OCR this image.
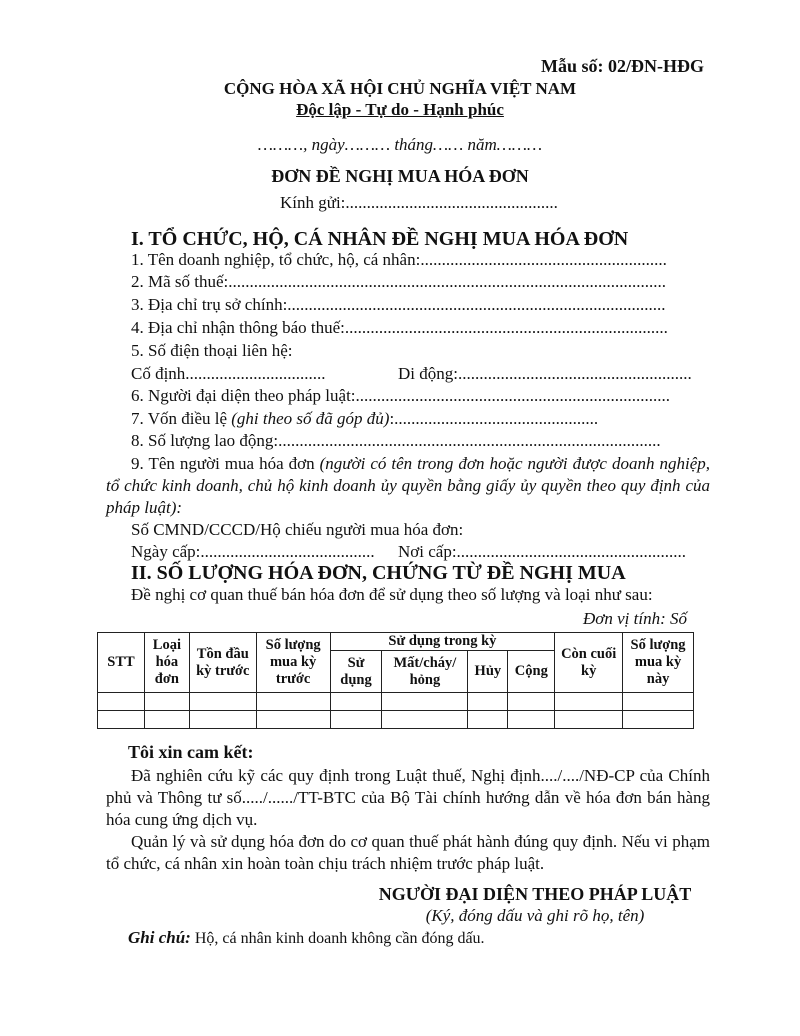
Mẫu số: 02/ĐN-HĐG
CỘNG HÒA XÃ HỘI CHỦ NGHĨA VIỆT NAM
Độc lập - Tự do - Hạnh phúc
………, ngày……… tháng…… năm………
ĐƠN ĐỀ NGHỊ MUA HÓA ĐƠN
Kính gửi:..................................................
I. TỔ CHỨC, HỘ, CÁ NHÂN ĐỀ NGHỊ MUA HÓA ĐƠN
1. Tên doanh nghiệp, tổ chức, hộ, cá nhân:..........................................................
2. Mã số thuế:.......................................................................................................
3. Địa chỉ trụ sở chính:.........................................................................................
4. Địa chỉ nhận thông báo thuế:............................................................................
5. Số điện thoại liên hệ:
Cố định.................................	Di động:.......................................................
6. Người đại diện theo pháp luật:..........................................................................
7. Vốn điều lệ (ghi theo số đã góp đủ):................................................
8. Số lượng lao động:..........................................................................................
9. Tên người mua hóa đơn (người có tên trong đơn hoặc người được doanh nghiệp, tổ chức kinh doanh, chủ hộ kinh doanh ủy quyền bằng giấy ủy quyền theo quy định của pháp luật):
Số CMND/CCCD/Hộ chiếu người mua hóa đơn:
Ngày cấp:......................................... Nơi cấp:......................................................
II. SỐ LƯỢNG HÓA ĐƠN, CHỨNG TỪ ĐỀ NGHỊ MUA
Đề nghị cơ quan thuế bán hóa đơn để sử dụng theo số lượng và loại như sau:
Đơn vị tính: Số
STT	Loại hóa đơn	Tồn đầu kỳ trước	Số lượng mua kỳ trước	Sử dụng trong kỳ				Còn cuối kỳ	Số lượng mua kỳ này
				Sử dụng	Mất/cháy/ hỏng	Hủy	Cộng		

Tôi xin cam kết:
Đã nghiên cứu kỹ các quy định trong Luật thuế, Nghị định..../..../NĐ-CP của Chính phủ và Thông tư số...../....../TT-BTC của Bộ Tài chính hướng dẫn về hóa đơn bán hàng hóa cung ứng dịch vụ.
Quản lý và sử dụng hóa đơn do cơ quan thuế phát hành đúng quy định. Nếu vi phạm tổ chức, cá nhân xin hoàn toàn chịu trách nhiệm trước pháp luật.
NGƯỜI ĐẠI DIỆN THEO PHÁP LUẬT
(Ký, đóng dấu và ghi rõ họ, tên)
Ghi chú: Hộ, cá nhân kinh doanh không cần đóng dấu.
